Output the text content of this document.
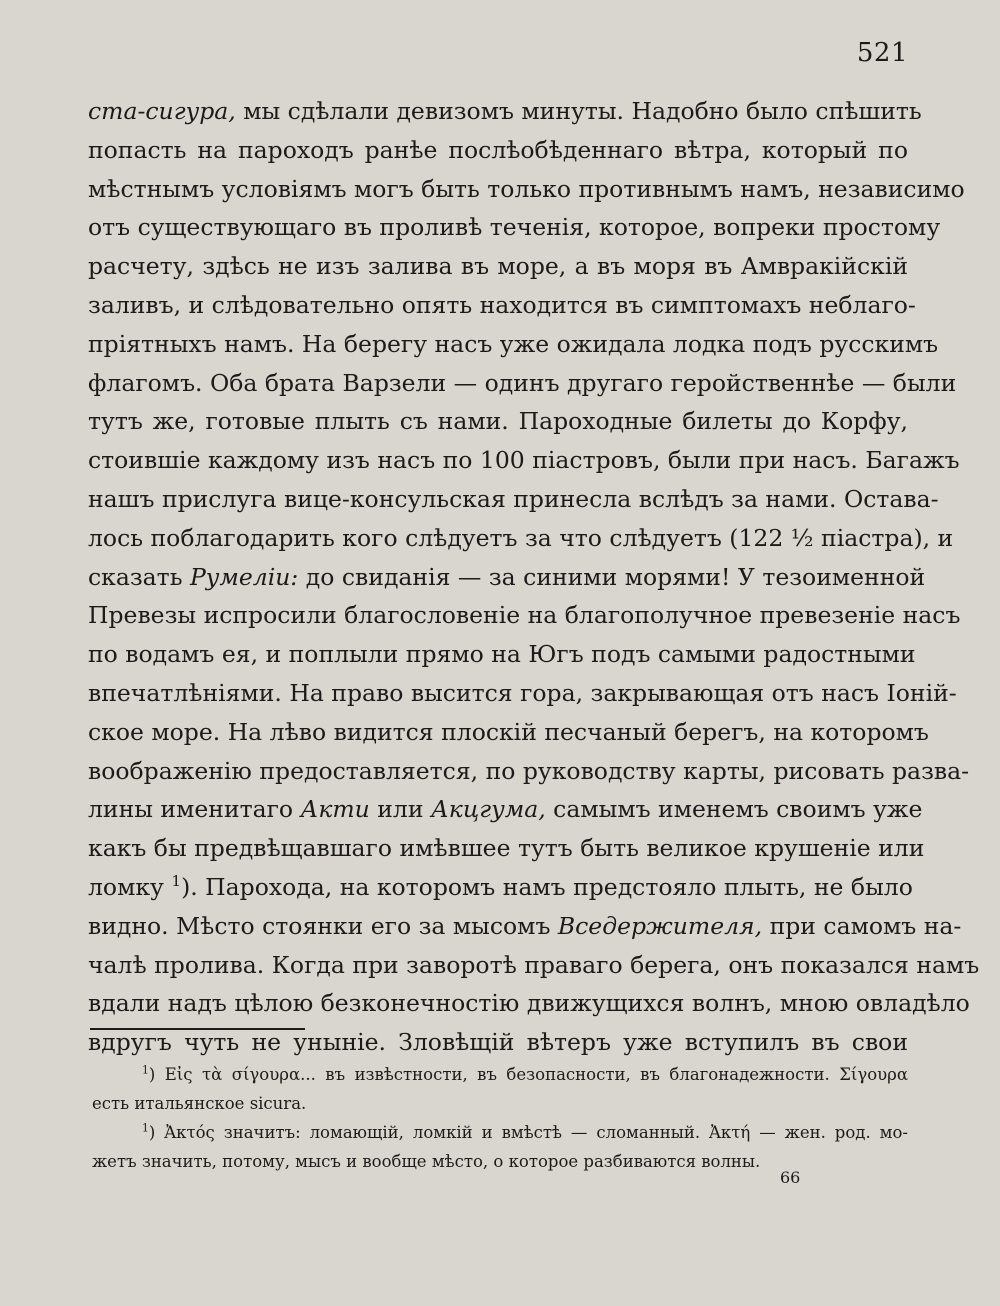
521
ста-сигура, мы сдѣлали девизомъ минуты. Надобно было спѣшить
попасть на пароходъ ранѣе послѣобѣденнаго вѣтра, который по
мѣстнымъ условіямъ могъ быть только противнымъ намъ, независимо
отъ существующаго въ проливѣ теченія, которое, вопреки простому
расчету, здѣсь не изъ залива въ море, а въ моря въ Амвракійскій
заливъ, и слѣдовательно опять находится въ симптомахъ неблаго-
пріятныхъ намъ. На берегу насъ уже ожидала лодка подъ русскимъ
флагомъ. Оба брата Варзели — одинъ другаго геройственнѣе — были
тутъ же, готовые плыть съ нами. Пароходные билеты до Корфу,
стоившіе каждому изъ насъ по 100 піастровъ, были при насъ. Багажъ
нашъ прислуга вице-консульская принесла вслѣдъ за нами. Остава-
лось поблагодарить кого слѣдуетъ за что слѣдуетъ (122 ½ піастра), и
сказать Румеліи: до свиданія — за синими морями! У тезоименной
Превезы испросили благословеніе на благополучное превезеніе насъ
по водамъ ея, и поплыли прямо на Югъ подъ самыми радостными
впечатлѣніями. На право высится гора, закрывающая отъ насъ Іоній-
ское море. На лѣво видится плоскій песчаный берегъ, на которомъ
воображенію предоставляется, по руководству карты, рисовать разва-
лины именитаго Акти или Акцгума, самымъ именемъ своимъ уже
какъ бы предвѣщавшаго имѣвшее тутъ быть великое крушеніе или
ломку $^1$). Парохода, на которомъ намъ предстояло плыть, не было
видно. Мѣсто стоянки его за мысомъ Вседержителя, при самомъ на-
чалѣ пролива. Когда при заворотѣ праваго берега, онъ показался намъ
вдали надъ цѣлою безконечностію движущихся волнъ, мною овладѣло
вдругъ чуть не уныніе. Зловѣщій вѣтеръ уже вступилъ въ свои
$^1$) Εἰς τὰ σίγουρα... въ извѣстности, въ безопасности, въ благонадежности. Σίγουρα
есть итальянское sicura.
$^1$) Ἀκτός значитъ: ломающій, ломкій и вмѣстѣ — сломанный. Ἀκτή — жен. род. мо-
жетъ значить, потому, мысъ и вообще мѣсто, о которое разбиваются волны.
66
